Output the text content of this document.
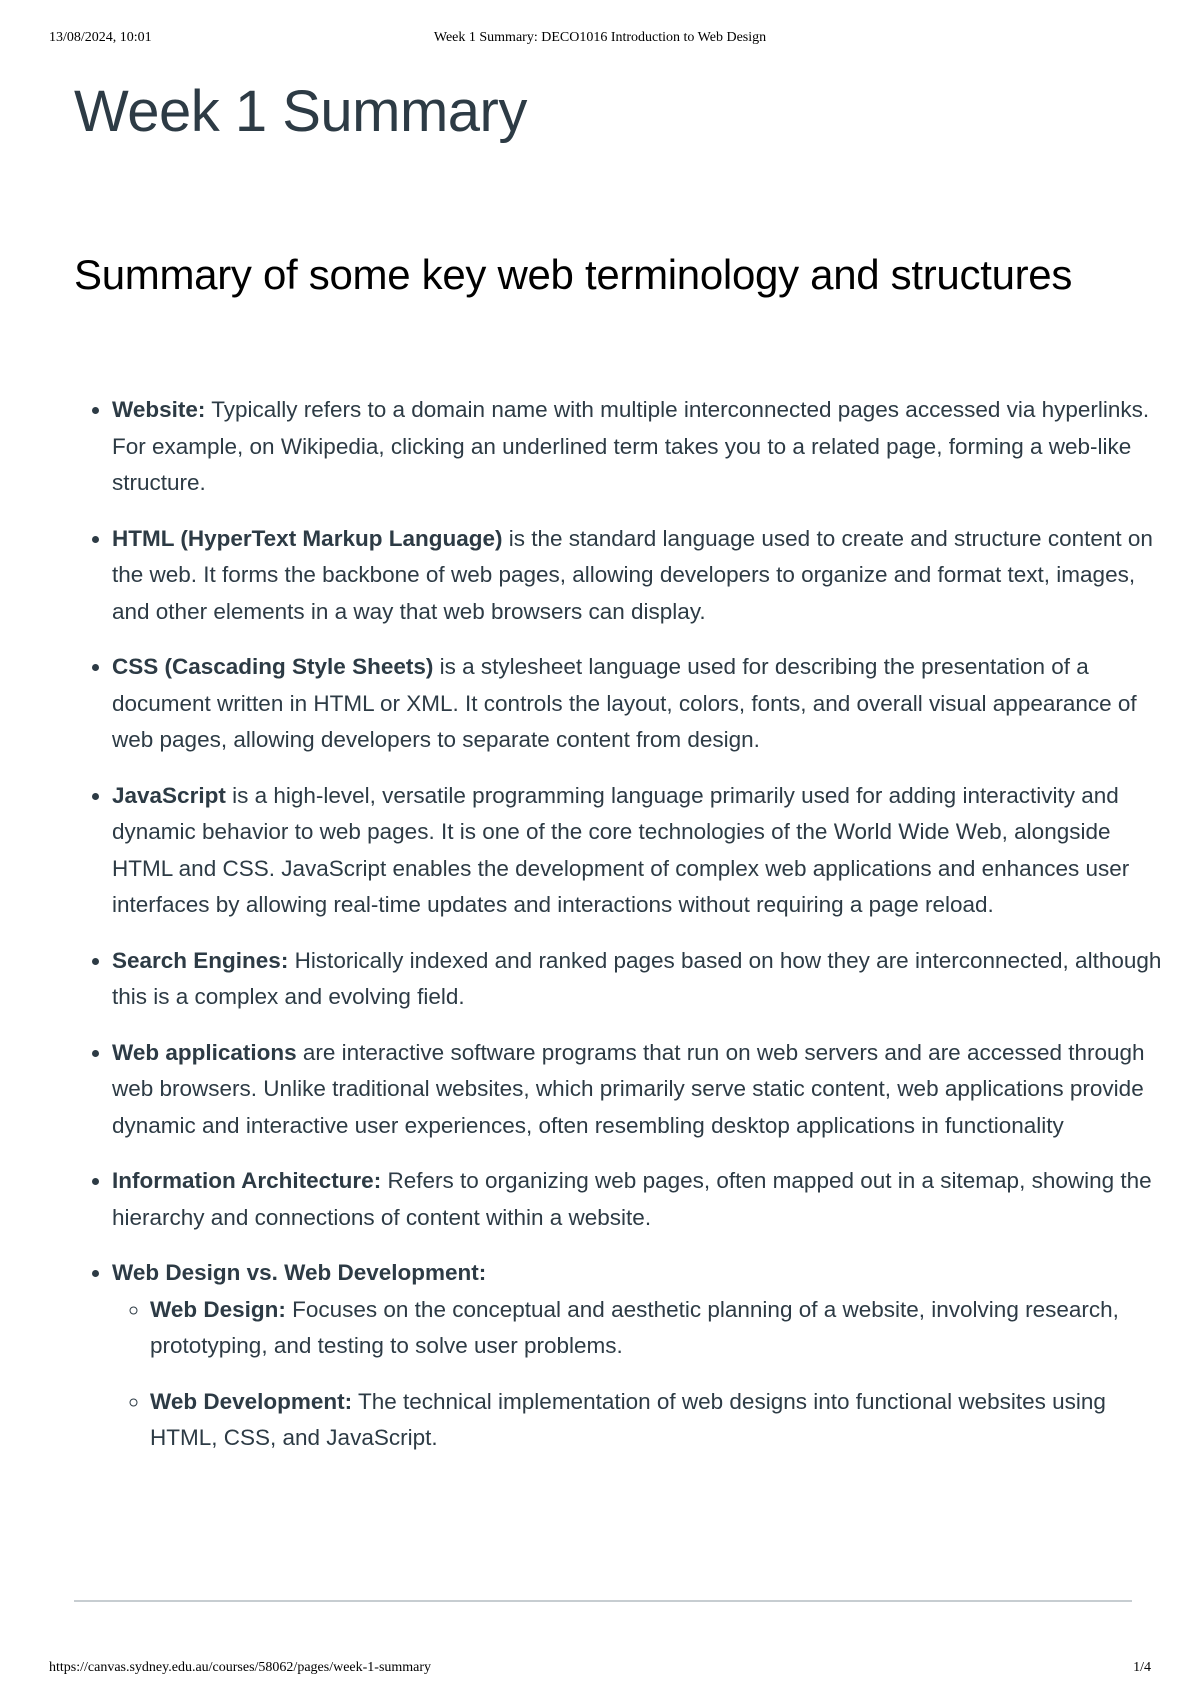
13/08/2024, 10:01	Week 1 Summary: DECO1016 Introduction to Web Design
Week 1 Summary
Summary of some key web terminology and structures
• Website: Typically refers to a domain name with multiple interconnected pages accessed via hyperlinks. For example, on Wikipedia, clicking an underlined term takes you to a related page, forming a web-like structure.
• HTML (HyperText Markup Language) is the standard language used to create and structure content on the web. It forms the backbone of web pages, allowing developers to organize and format text, images, and other elements in a way that web browsers can display.
• CSS (Cascading Style Sheets) is a stylesheet language used for describing the presentation of a document written in HTML or XML. It controls the layout, colors, fonts, and overall visual appearance of web pages, allowing developers to separate content from design.
• JavaScript is a high-level, versatile programming language primarily used for adding interactivity and dynamic behavior to web pages. It is one of the core technologies of the World Wide Web, alongside HTML and CSS. JavaScript enables the development of complex web applications and enhances user interfaces by allowing real-time updates and interactions without requiring a page reload.
• Search Engines: Historically indexed and ranked pages based on how they are interconnected, although this is a complex and evolving field.
• Web applications are interactive software programs that run on web servers and are accessed through web browsers. Unlike traditional websites, which primarily serve static content, web applications provide dynamic and interactive user experiences, often resembling desktop applications in functionality
• Information Architecture: Refers to organizing web pages, often mapped out in a sitemap, showing the hierarchy and connections of content within a website.
• Web Design vs. Web Development:
◦ Web Design: Focuses on the conceptual and aesthetic planning of a website, involving research, prototyping, and testing to solve user problems.
◦ Web Development: The technical implementation of web designs into functional websites using HTML, CSS, and JavaScript.
https://canvas.sydney.edu.au/courses/58062/pages/week-1-summary	1/4
